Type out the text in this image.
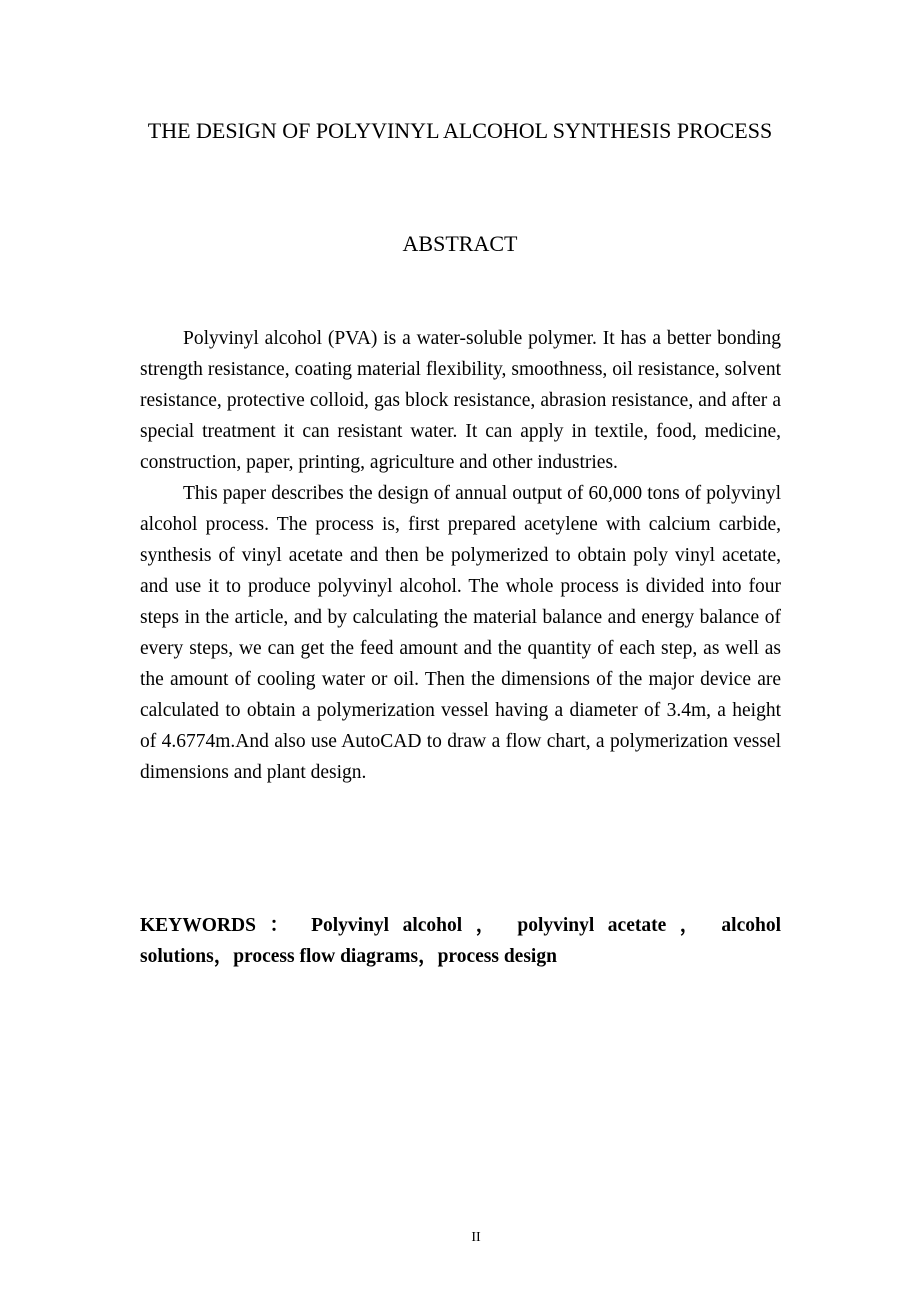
THE DESIGN OF POLYVINYL ALCOHOL SYNTHESIS PROCESS
ABSTRACT

Polyvinyl alcohol (PVA) is a water-soluble polymer. It has a better bonding strength resistance, coating material flexibility, smoothness, oil resistance, solvent resistance, protective colloid, gas block resistance, abrasion resistance, and after a special treatment it can resistant water. It can apply in textile, food, medicine, construction, paper, printing, agriculture and other industries.

This paper describes the design of annual output of 60,000 tons of polyvinyl alcohol process. The process is, first prepared acetylene with calcium carbide, synthesis of vinyl acetate and then be polymerized to obtain poly vinyl acetate, and use it to produce polyvinyl alcohol. The whole process is divided into four steps in the article, and by calculating the material balance and energy balance of every steps, we can get the feed amount and the quantity of each step, as well as the amount of cooling water or oil. Then the dimensions of the major device are calculated to obtain a polymerization vessel having a diameter of 3.4m, a height of 4.6774m.And also use AutoCAD to draw a flow chart, a polymerization vessel dimensions and plant design.

KEYWORDS ： Polyvinyl alcohol ， polyvinyl acetate ， alcohol solutions，process flow diagrams，process design

II
